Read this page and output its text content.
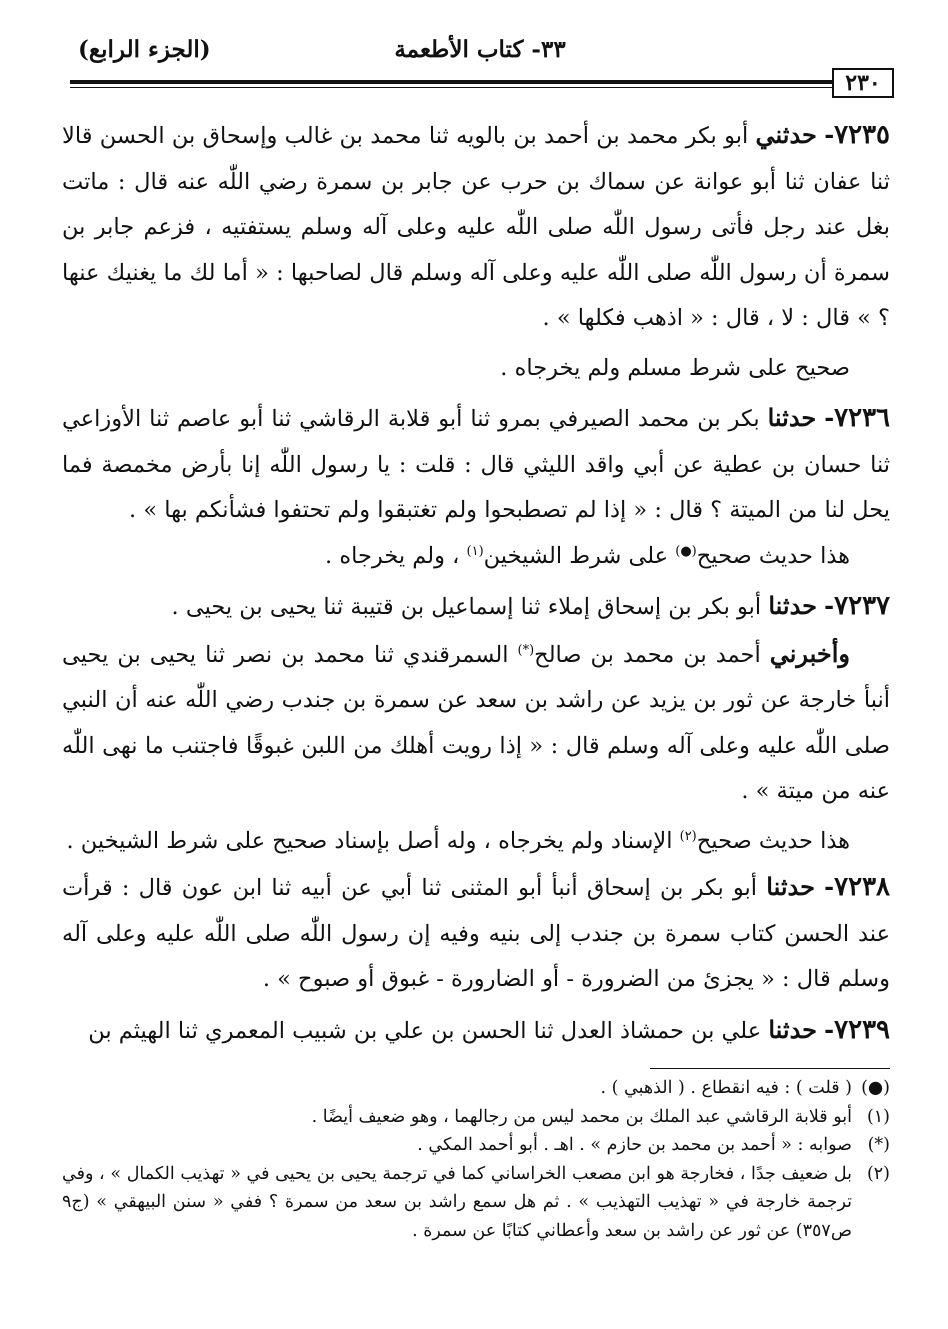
٣٣- كتاب الأطعمة
(الجزء الرابع)
٢٣٠

٧٢٣٥- حدثني أبو بكر محمد بن أحمد بن بالويه ثنا محمد بن غالب وإسحاق بن الحسن قالا ثنا عفان ثنا أبو عوانة عن سماك بن حرب عن جابر بن سمرة رضي اللّٰه عنه قال : ماتت بغل عند رجل فأتى رسول اللّٰه صلى اللّٰه عليه وعلى آله وسلم يستفتيه ، فزعم جابر بن سمرة أن رسول اللّٰه صلى اللّٰه عليه وعلى آله وسلم قال لصاحبها : « أما لك ما يغنيك عنها ؟ » قال : لا ، قال : « اذهب فكلها » .

صحيح على شرط مسلم ولم يخرجاه .

٧٢٣٦- حدثنا بكر بن محمد الصيرفي بمرو ثنا أبو قلابة الرقاشي ثنا أبو عاصم ثنا الأوزاعي ثنا حسان بن عطية عن أبي واقد الليثي قال : قلت : يا رسول اللّٰه إنا بأرض مخمصة فما يحل لنا من الميتة ؟ قال : « إذا لم تصطبحوا ولم تغتبقوا ولم تحتفوا فشأنكم بها » .

هذا حديث صحيح(●) على شرط الشيخين$^{(١)}$ ، ولم يخرجاه .

٧٢٣٧- حدثنا أبو بكر بن إسحاق إملاء ثنا إسماعيل بن قتيبة ثنا يحيى بن يحيى .

وأخبرني أحمد بن محمد بن صالح(*) السمرقندي ثنا محمد بن نصر ثنا يحيى بن يحيى أنبأ خارجة عن ثور بن يزيد عن راشد بن سعد عن سمرة بن جندب رضي اللّٰه عنه أن النبي صلى اللّٰه عليه وعلى آله وسلم قال : « إذا رويت أهلك من اللبن غبوقًا فاجتنب ما نهى اللّٰه عنه من ميتة » .

هذا حديث صحيح$^{(٢)}$ الإسناد ولم يخرجاه ، وله أصل بإسناد صحيح على شرط الشيخين .

٧٢٣٨- حدثنا أبو بكر بن إسحاق أنبأ أبو المثنى ثنا أبي عن أبيه ثنا ابن عون قال : قرأت عند الحسن كتاب سمرة بن جندب إلى بنيه وفيه إن رسول اللّٰه صلى اللّٰه عليه وعلى آله وسلم قال : « يجزئ من الضرورة - أو الضارورة - غبوق أو صبوح » .

٧٢٣٩- حدثنا علي بن حمشاذ العدل ثنا الحسن بن علي بن شبيب المعمري ثنا الهيثم بن

(●)
( قلت ) : فيه انقطاع . ( الذهبي ) .
(١)
أبو قلابة الرقاشي عبد الملك بن محمد ليس من رجالهما ، وهو ضعيف أيضًا .
(*)
صوابه : « أحمد بن محمد بن حازم » . اهـ . أبو أحمد المكي .
(٢)
بل ضعيف جدًا ، فخارجة هو ابن مصعب الخراساني كما في ترجمة يحيى بن يحيى في « تهذيب الكمال » ، وفي ترجمة خارجة في « تهذيب التهذيب » . ثم هل سمع راشد بن سعد من سمرة ؟ ففي « سنن البيهقي » (ج٩ ص٣٥٧) عن ثور عن راشد بن سعد وأعطاني كتابًا عن سمرة .
